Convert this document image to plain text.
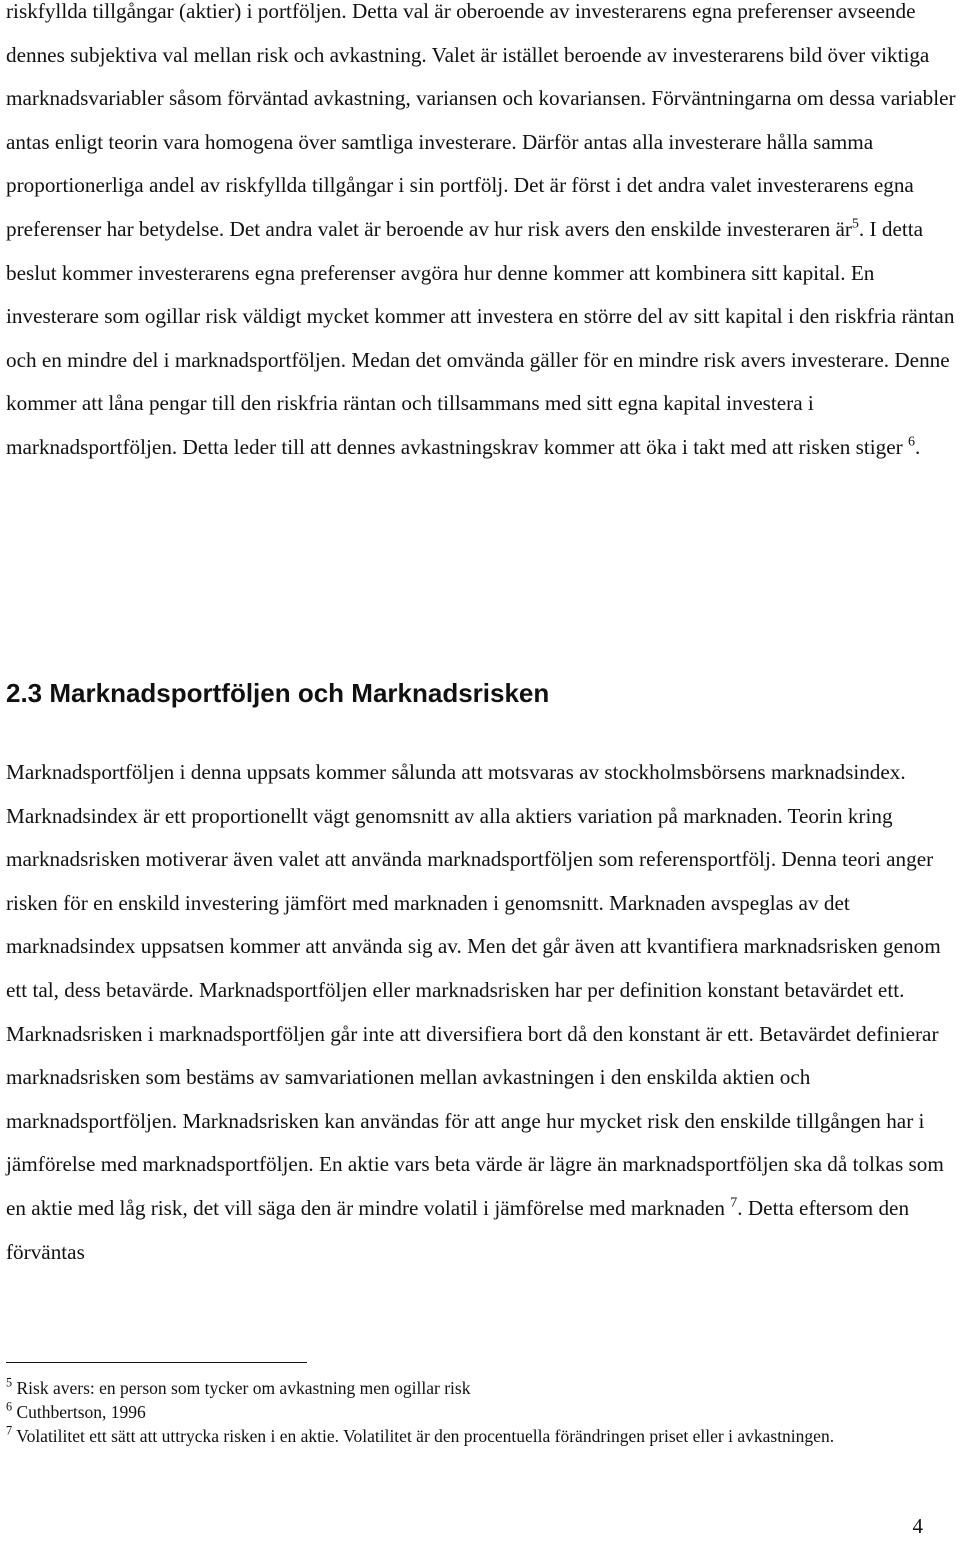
riskfyllda tillgångar (aktier) i portföljen. Detta val är oberoende av investerarens egna preferenser avseende dennes subjektiva val mellan risk och avkastning. Valet är istället beroende av investerarens bild över viktiga marknadsvariabler såsom förväntad avkastning, variansen och kovariansen. Förväntningarna om dessa variabler antas enligt teorin vara homogena över samtliga investerare. Därför antas alla investerare hålla samma proportionerliga andel av riskfyllda tillgångar i sin portfölj. Det är först i det andra valet investerarens egna preferenser har betydelse. Det andra valet är beroende av hur risk avers den enskilde investeraren $är^5$. I detta beslut kommer investerarens egna preferenser avgöra hur denne kommer att kombinera sitt kapital. En investerare som ogillar risk väldigt mycket kommer att investera en större del av sitt kapital i den riskfria räntan och en mindre del i marknadsportföljen. Medan det omvända gäller för en mindre risk avers investerare. Denne kommer att låna pengar till den riskfria räntan och tillsammans med sitt egna kapital investera i marknadsportföljen. Detta leder till att dennes avkastningskrav kommer att öka i takt med att risken stiger $^6$.

2.3 Marknadsportföljen och Marknadsrisken

Marknadsportföljen i denna uppsats kommer sålunda att motsvaras av stockholmsbörsens marknadsindex. Marknadsindex är ett proportionellt vägt genomsnitt av alla aktiers variation på marknaden. Teorin kring marknadsrisken motiverar även valet att använda marknadsportföljen som referensportfölj. Denna teori anger risken för en enskild investering jämfört med marknaden i genomsnitt. Marknaden avspeglas av det marknadsindex uppsatsen kommer att använda sig av. Men det går även att kvantifiera marknadsrisken genom ett tal, dess betavärde. Marknadsportföljen eller marknadsrisken har per definition konstant betavärdet ett. Marknadsrisken i marknadsportföljen går inte att diversifiera bort då den konstant är ett. Betavärdet definierar marknadsrisken som bestäms av samvariationen mellan avkastningen i den enskilda aktien och marknadsportföljen. Marknadsrisken kan användas för att ange hur mycket risk den enskilde tillgången har i jämförelse med marknadsportföljen. En aktie vars beta värde är lägre än marknadsportföljen ska då tolkas som en aktie med låg risk, det vill säga den är mindre volatil i jämförelse med marknaden $^7$. Detta eftersom den förväntas

$^5$ Risk avers: en person som tycker om avkastning men ogillar risk

$^6$ Cuthbertson, 1996

$^7$ Volatilitet ett sätt att uttrycka risken i en aktie. Volatilitet är den procentuella förändringen priset eller i avkastningen.

4
